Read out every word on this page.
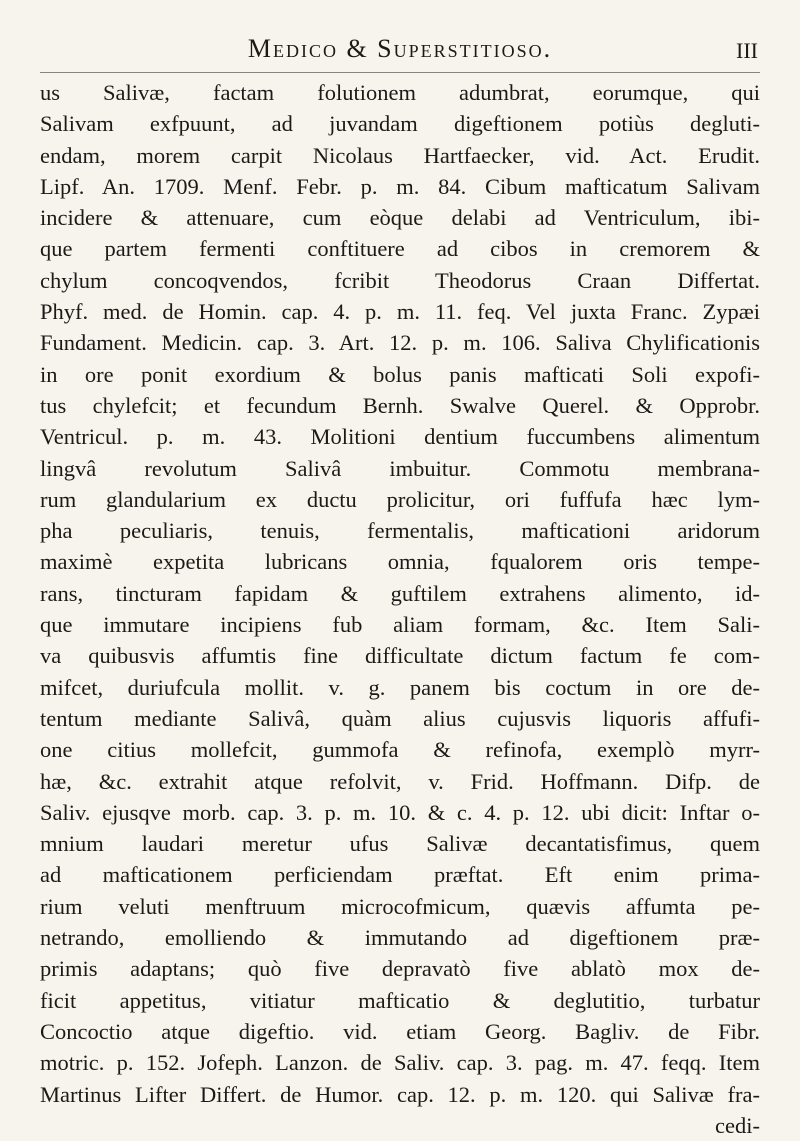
Medico & Superstitioso.	III
us Salivæ, factam folutionem adumbrat, eorumque, qui
Salivam exfpuunt, ad juvandam digeftionem potiùs degluti-
endam, morem carpit Nicolaus Hartfaecker, vid. Act. Erudit.
Lipf. An. 1709. Menf. Febr. p. m. 84. Cibum mafticatum Salivam
incidere & attenuare, cum eòque delabi ad Ventriculum, ibi-
que partem fermenti conftituere ad cibos in cremorem &
chylum concoqvendos, fcribit Theodorus Craan Differtat.
Phyf. med. de Homin. cap. 4. p. m. 11. feq. Vel juxta Franc. Zypæi
Fundament. Medicin. cap. 3. Art. 12. p. m. 106. Saliva Chylificationis
in ore ponit exordium & bolus panis mafticati Soli expofi-
tus chylefcit; et fecundum Bernh. Swalve Querel. & Opprobr.
Ventricul. p. m. 43. Molitioni dentium fuccumbens alimentum
lingvâ revolutum Salivâ imbuitur. Commotu membrana-
rum glandularium ex ductu prolicitur, ori fuffufa hæc lym-
pha peculiaris, tenuis, fermentalis, mafticationi aridorum
maximè expetita lubricans omnia, fqualorem oris tempe-
rans, tincturam fapidam & guftilem extrahens alimento, id-
que immutare incipiens fub aliam formam, &c. Item Sali-
va quibusvis affumtis fine difficultate dictum factum fe com-
mifcet, duriufcula mollit. v. g. panem bis coctum in ore de-
tentum mediante Salivâ, quàm alius cujusvis liquoris affufi-
one citius mollefcit, gummofa & refinofa, exemplò myrr-
hæ, &c. extrahit atque refolvit, v. Frid. Hoffmann. Difp. de
Saliv. ejusqve morb. cap. 3. p. m. 10. & c. 4. p. 12. ubi dicit: Inftar o-
mnium laudari meretur ufus Salivæ decantatisfimus, quem
ad mafticationem perficiendam præftat. Eft enim prima-
rium veluti menftruum microcofmicum, quævis affumta pe-
netrando, emolliendo & immutando ad digeftionem præ-
primis adaptans; quò five depravatò five ablatò mox de-
ficit appetitus, vitiatur mafticatio & deglutitio, turbatur
Concoctio atque digeftio. vid. etiam Georg. Bagliv. de Fibr.
motric. p. 152. Jofeph. Lanzon. de Saliv. cap. 3. pag. m. 47. feqq. Item
Martinus Lifter Differt. de Humor. cap. 12. p. m. 120. qui Salivæ fra-
cedi-
